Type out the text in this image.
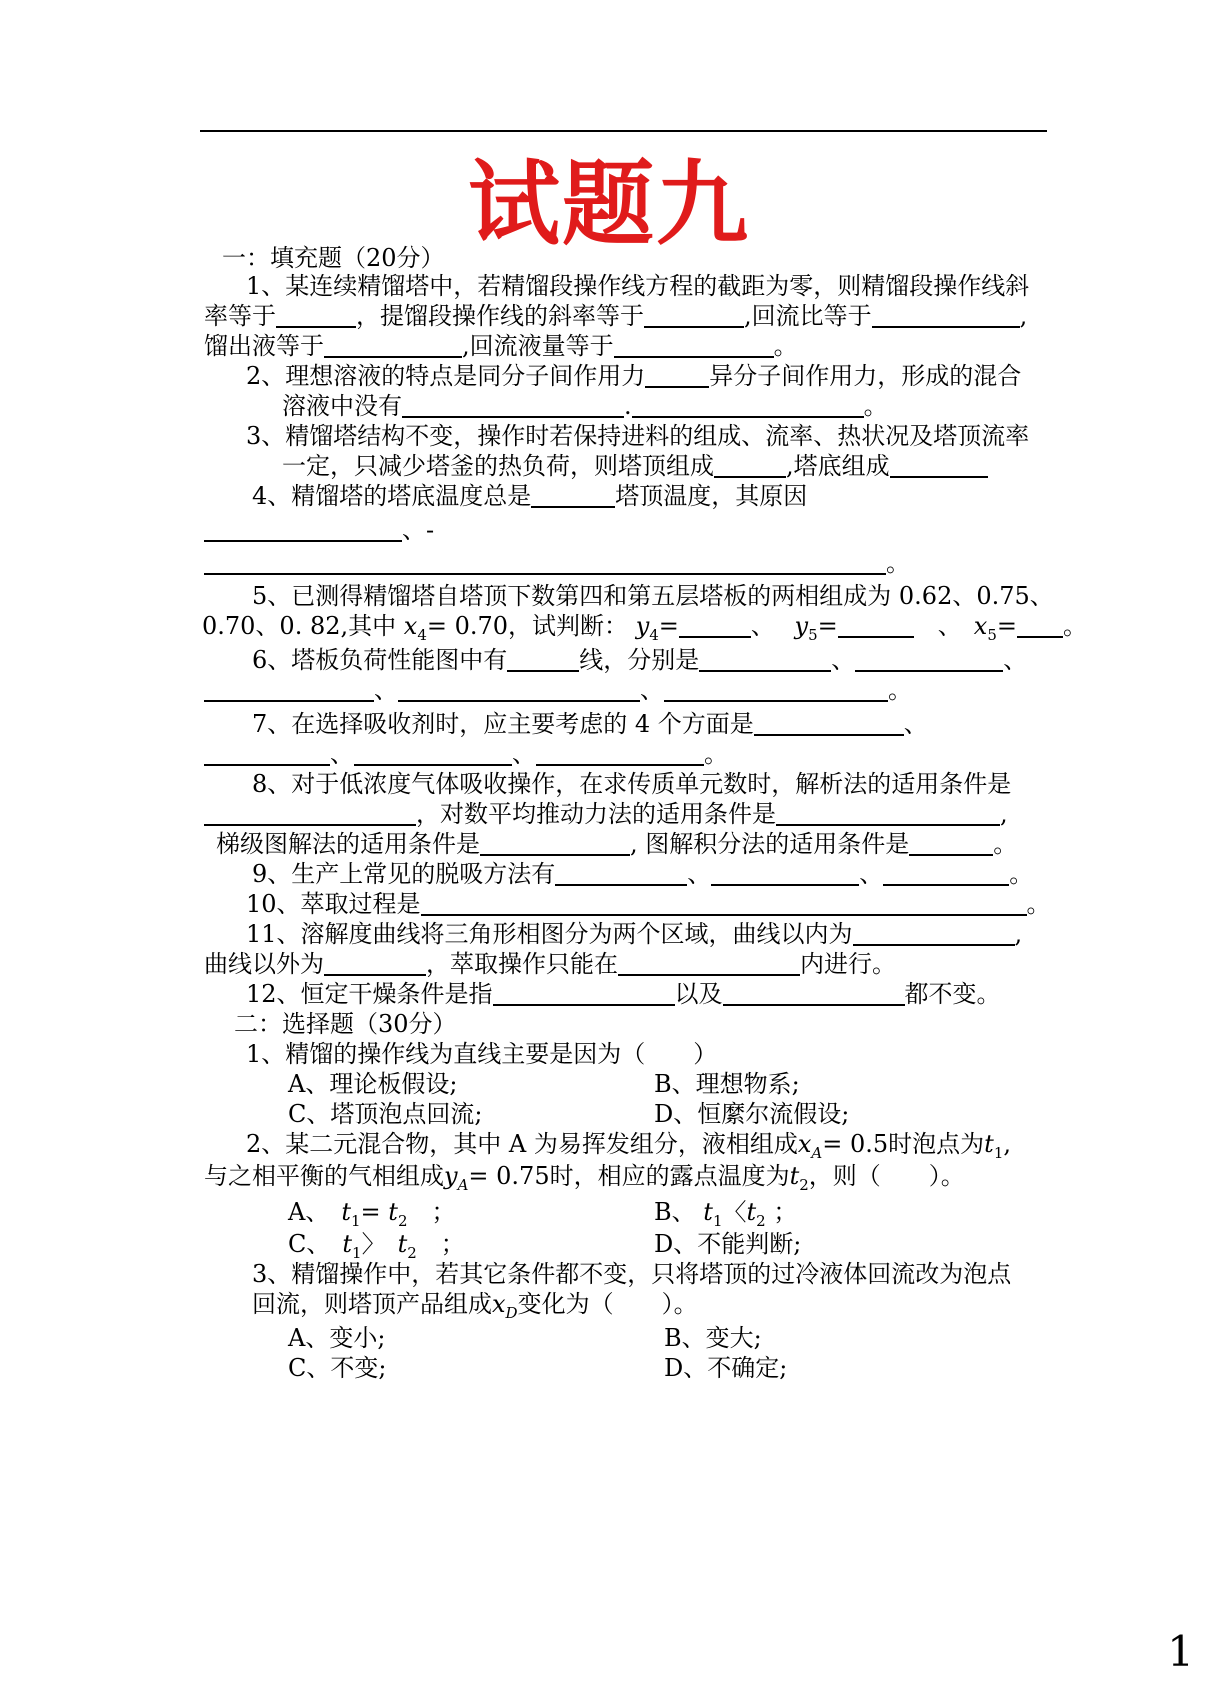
试题九
一：填充题（20分）
1、某连续精馏塔中，若精馏段操作线方程的截距为零，则精馏段操作线斜
率等于	，提馏段操作线的斜率等于	,回流比等于	,
馏出液等于	,回流液量等于	。
2、理想溶液的特点是同分子间作用力	异分子间作用力，形成的混合
溶液中没有	.	。
3、精馏塔结构不变，操作时若保持进料的组成、流率、热状况及塔顶流率
一定，只减少塔釜的热负荷，则塔顶组成	,塔底组成
4、精馏塔的塔底温度总是	塔顶温度，其原因
、-
。
5、已测得精馏塔自塔顶下数第四和第五层塔板的两相组成为 0.62、0.75、
0.70、0. 82,其中 $x_4= 0.70$，试判断： $y_4=$	、　 $y_5=$　	、  $x_5=$ 。
6、塔板负荷性能图中有	线，分别是	、	、
、	、	。
7、在选择吸收剂时，应主要考虑的 4 个方面是	、
、	、	。
8、对于低浓度气体吸收操作，在求传质单元数时，解析法的适用条件是
，对数平均推动力法的适用条件是	,
梯级图解法的适用条件是	, 图解积分法的适用条件是	。
9、生产上常见的脱吸方法有	、	、	。
10、萃取过程是	。
11、溶解度曲线将三角形相图分为两个区域，曲线以内为	,
曲线以外为	，萃取操作只能在	内进行。
12、恒定干燥条件是指	以及	都不变。
二：选择题（30分）
1、精馏的操作线为直线主要是因为（　　）
A、理论板假设;	B、理想物系;
C、塔顶泡点回流;	D、恒縻尔流假设;
2、某二元混合物，其中 A 为易挥发组分，液相组成$x_A= 0.5$时泡点为$t_1$,
与之相平衡的气相组成$y_A= 0.75$时，相应的露点温度为$t_2$，则（　　）。
A、　 $t_1= t_2$　 ；	B、 $t_1$〈$t_2$ ；
C、  $t_1$〉  $t_2$　 ；	D、不能判断;
3、精馏操作中，若其它条件都不变，只将塔顶的过冷液体回流改为泡点
回流，则塔顶产品组成$x_D$变化为（　　）。
A、变小;	B、变大;
C、不变;	D、不确定;
1
